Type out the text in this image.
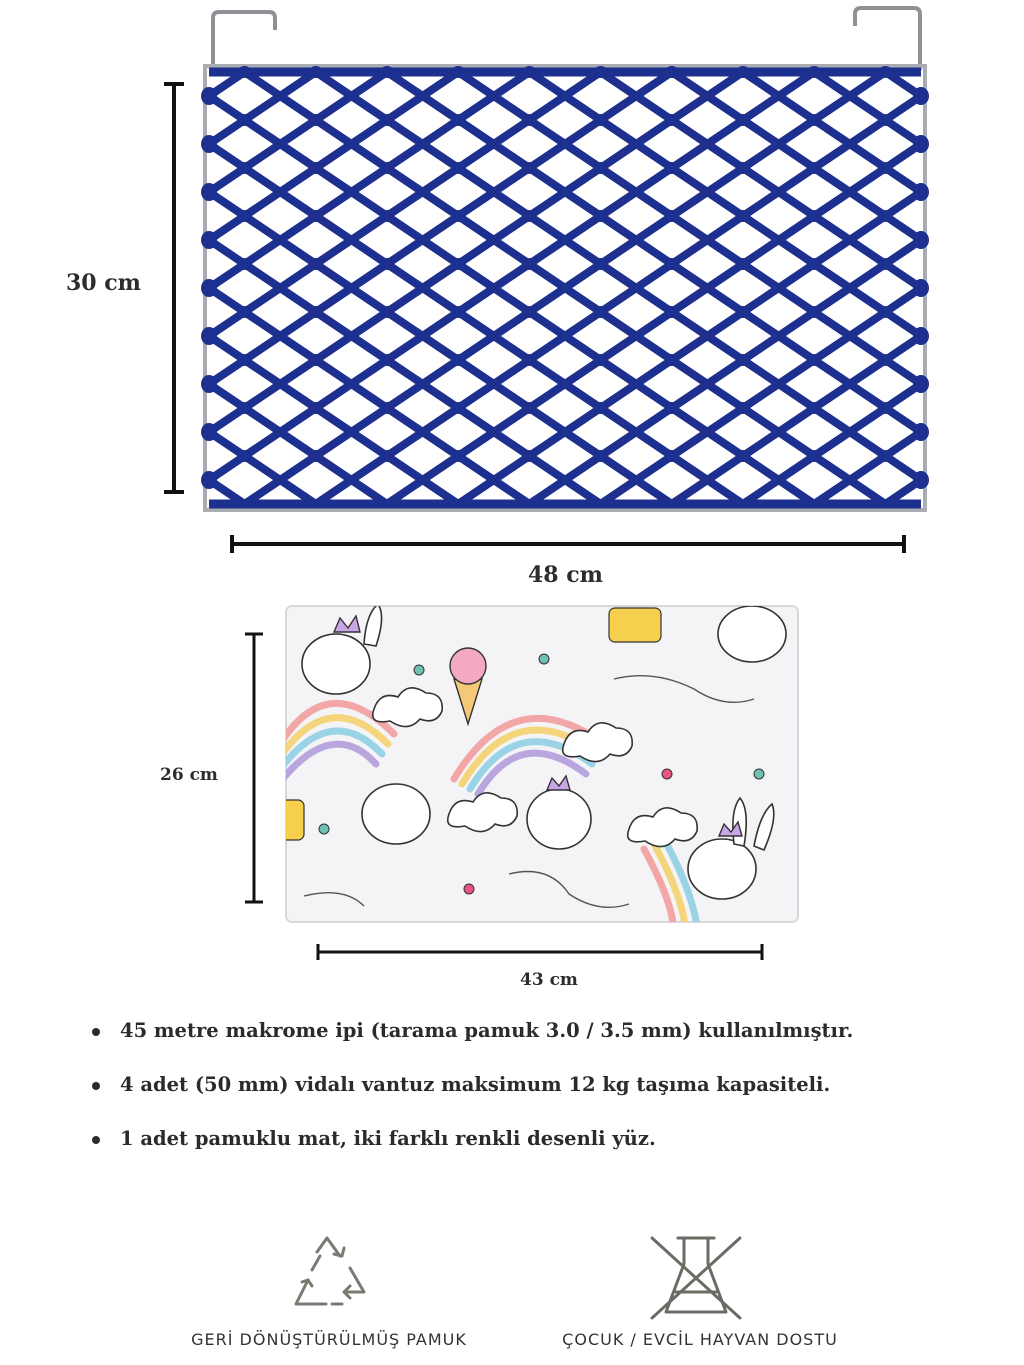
30 cm
48 cm
26 cm
43 cm
45 metre makrome ipi (tarama pamuk 3.0 / 3.5 mm) kullanılmıştır.
4 adet (50 mm) vidalı vantuz maksimum 12 kg taşıma kapasiteli.
1 adet pamuklu mat, iki farklı renkli desenli yüz.
GERİ DÖNÜŞTÜRÜLMÜŞ PAMUK	ÇOCUK / EVCİL HAYVAN DOSTU
